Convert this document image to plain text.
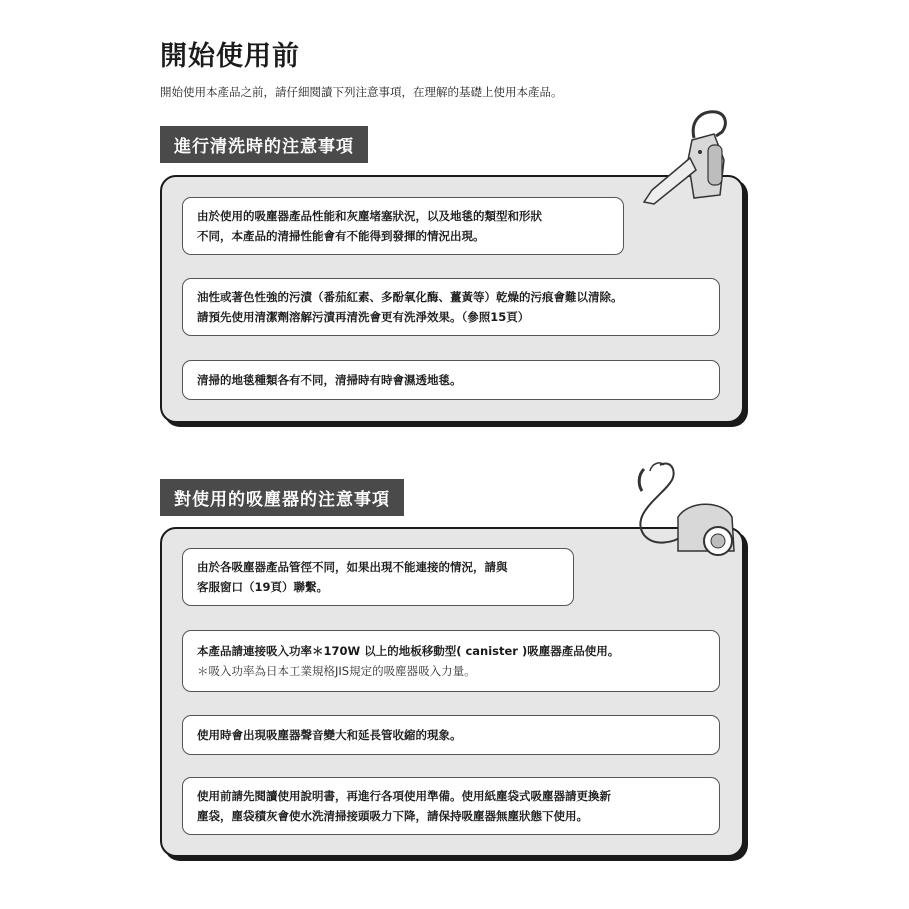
開始使用前
開始使用本產品之前，請仔細閱讀下列注意事項，在理解的基礎上使用本產品。
進行清洗時的注意事項
由於使用的吸塵器產品性能和灰塵堵塞狀況，以及地毯的類型和形狀
不同，本產品的清掃性能會有不能得到發揮的情況出現。
油性或著色性強的污漬（番茄紅素、多酚氧化酶、薑黃等）乾燥的污痕會難以清除。
請預先使用清潔劑溶解污漬再清洗會更有洗淨效果。（參照15頁）
清掃的地毯種類各有不同，清掃時有時會濕透地毯。
對使用的吸塵器的注意事項
由於各吸塵器產品管徑不同，如果出現不能連接的情況，請與
客服窗口（19頁）聯繫。
本產品請連接吸入功率＊170W 以上的地板移動型( canister )吸塵器產品使用。
＊吸入功率為日本工業規格JIS規定的吸塵器吸入力量。
使用時會出現吸塵器聲音變大和延長管收縮的現象。
使用前請先閱讀使用說明書，再進行各項使用準備。使用紙塵袋式吸塵器請更換新
塵袋，塵袋積灰會使水洗清掃接頭吸力下降，請保持吸塵器無塵狀態下使用。
